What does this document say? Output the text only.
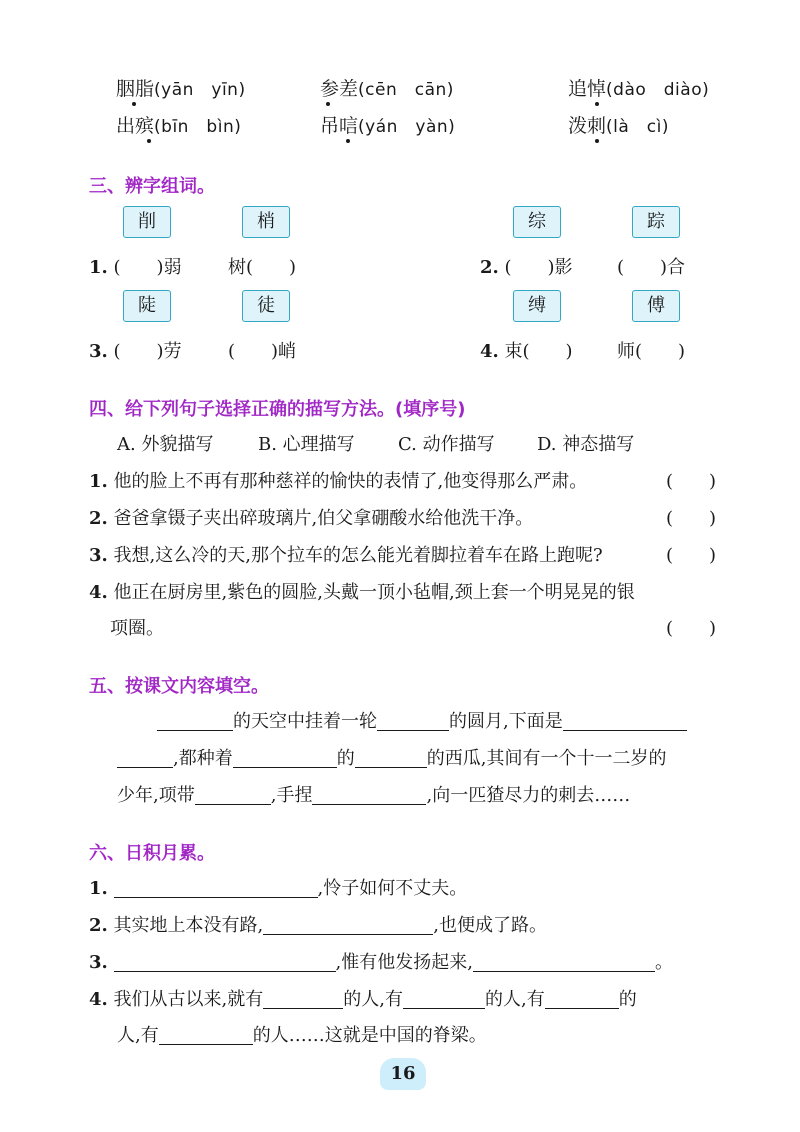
胭脂(yān　yīn)	参差(cēn　cān)	追悼(dào　diào)
出殡(bīn　bìn)	吊唁(yán　yàn)	泼刺(là　cì)
三、辨字组词。
削	梢	综	踪
1. (　　)弱	树(　　)	2. (　　)影 (　　)合
陡	徒	缚	傅
3. (　　)劳	(　　)峭	4. 束(　　) 师(　　)
四、给下列句子选择正确的描写方法。(填序号)
A. 外貌描写 B. 心理描写 C. 动作描写 D. 神态描写
1. 他的脸上不再有那种慈祥的愉快的表情了,他变得那么严肃。	(　　)
2. 爸爸拿镊子夹出碎玻璃片,伯父拿硼酸水给他洗干净。	(　　)
3. 我想,这么冷的天,那个拉车的怎么能光着脚拉着车在路上跑呢?	(　　)
4. 他正在厨房里,紫色的圆脸,头戴一顶小毡帽,颈上套一个明晃晃的银
项圈。	(　　)
五、按课文内容填空。
的天空中挂着一轮	的圆月,下面是
,都种着	的	的西瓜,其间有一个十一二岁的
少年,项带	,手捏	,向一匹猹尽力的刺去……
六、日积月累。
1.	,怜子如何不丈夫。
2. 其实地上本没有路,	,也便成了路。
3.	,惟有他发扬起来,	。
4. 我们从古以来,就有	的人,有	的人,有	的
人,有	的人……这就是中国的脊梁。
16
